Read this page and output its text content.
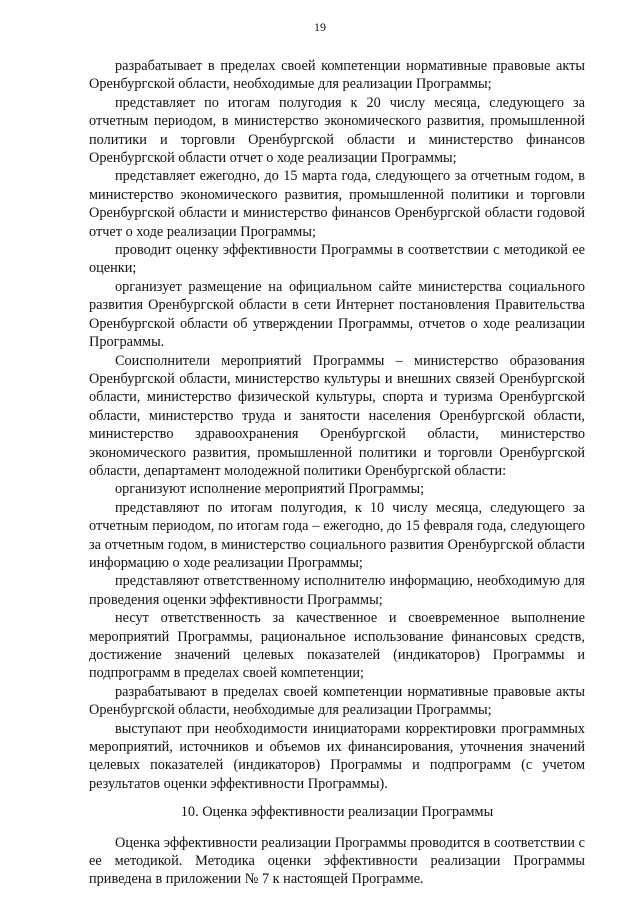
19

разрабатывает в пределах своей компетенции нормативные правовые акты Оренбургской области, необходимые для реализации Программы;

представляет по итогам полугодия к 20 числу месяца, следующего за отчетным периодом, в министерство экономического развития, промышленной политики и торговли Оренбургской области и министерство финансов Оренбургской области отчет о ходе реализации Программы;

представляет ежегодно, до 15 марта года, следующего за отчетным годом, в министерство экономического развития, промышленной политики и торговли Оренбургской области и министерство финансов Оренбургской области годовой отчет о ходе реализации Программы;

проводит оценку эффективности Программы в соответствии с методикой ее оценки;

организует размещение на официальном сайте министерства социального развития Оренбургской области в сети Интернет постановления Правительства Оренбургской области об утверждении Программы, отчетов о ходе реализации Программы.

Соисполнители мероприятий Программы – министерство образования Оренбургской области, министерство культуры и внешних связей Оренбургской области, министерство физической культуры, спорта и туризма Оренбургской области, министерство труда и занятости населения Оренбургской области, министерство здравоохранения Оренбургской области, министерство экономического развития, промышленной политики и торговли Оренбургской области, департамент молодежной политики Оренбургской области:

организуют исполнение мероприятий Программы;

представляют по итогам полугодия, к 10 числу месяца, следующего за отчетным периодом, по итогам года – ежегодно, до 15 февраля года, следующего за отчетным годом, в министерство социального развития Оренбургской области информацию о ходе реализации Программы;

представляют ответственному исполнителю информацию, необходимую для проведения оценки эффективности Программы;

несут ответственность за качественное и своевременное выполнение мероприятий Программы, рациональное использование финансовых средств, достижение значений целевых показателей (индикаторов) Программы и подпрограмм в пределах своей компетенции;

разрабатывают в пределах своей компетенции нормативные правовые акты Оренбургской области, необходимые для реализации Программы;

выступают при необходимости инициаторами корректировки программных мероприятий, источников и объемов их финансирования, уточнения значений целевых показателей (индикаторов) Программы и подпрограмм (с учетом результатов оценки эффективности Программы).

10. Оценка эффективности реализации Программы

Оценка эффективности реализации Программы проводится в соответствии с ее методикой. Методика оценки эффективности реализации Программы приведена в приложении № 7 к настоящей Программе.
